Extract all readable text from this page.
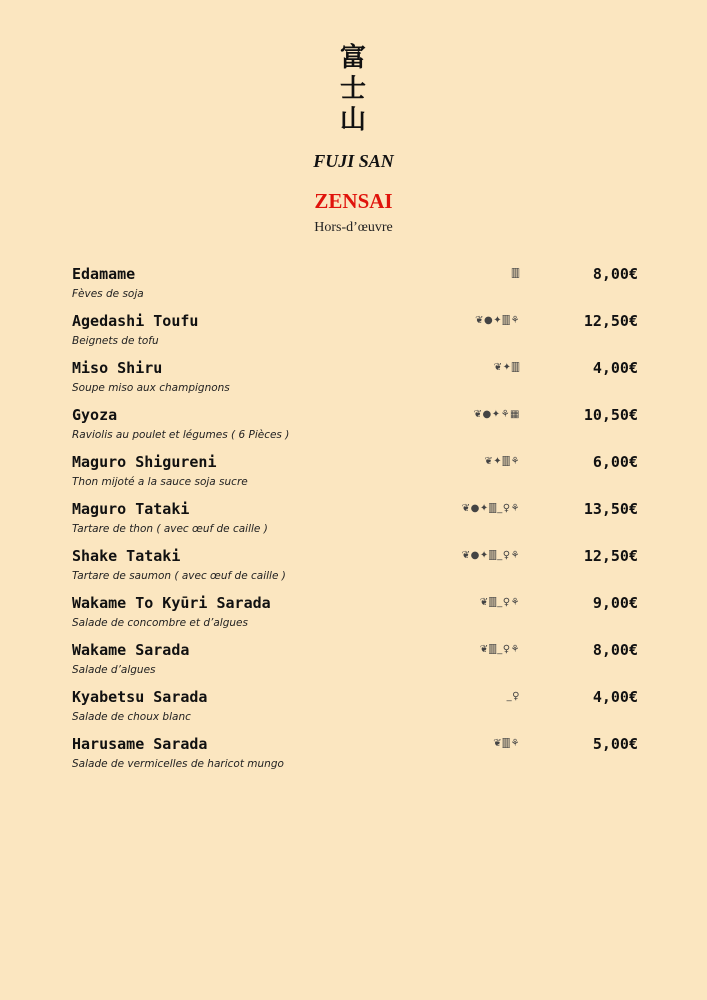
富
士
山
FUJI SAN
ZENSAI
Hors-d’œuvre
Edamame
Fèves de soja
🀫	8,00€
Agedashi Toufu
Beignets de tofu
❦●✦🀫⚘	12,50€
Miso Shiru
Soupe miso aux champignons
❦✦🀫	4,00€
Gyoza
Raviolis au poulet et légumes ( 6 Pièces )
❦●✦⚘▦	10,50€
Maguro Shigureni
Thon mijoté a la sauce soja sucre
❦✦🀫⚘	6,00€
Maguro Tataki
Tartare de thon ( avec œuf de caille )
❦●✦🀫_♀⚘	13,50€
Shake Tataki
Tartare de saumon ( avec œuf de caille )
❦●✦🀫_♀⚘	12,50€
Wakame To Kyūri Sarada
Salade de concombre et d’algues
❦🀫_♀⚘	9,00€
Wakame Sarada
Salade d’algues
❦🀫_♀⚘	8,00€
Kyabetsu Sarada
Salade de choux blanc
_♀	4,00€
Harusame Sarada
Salade de vermicelles de haricot mungo
❦🀫⚘	5,00€
